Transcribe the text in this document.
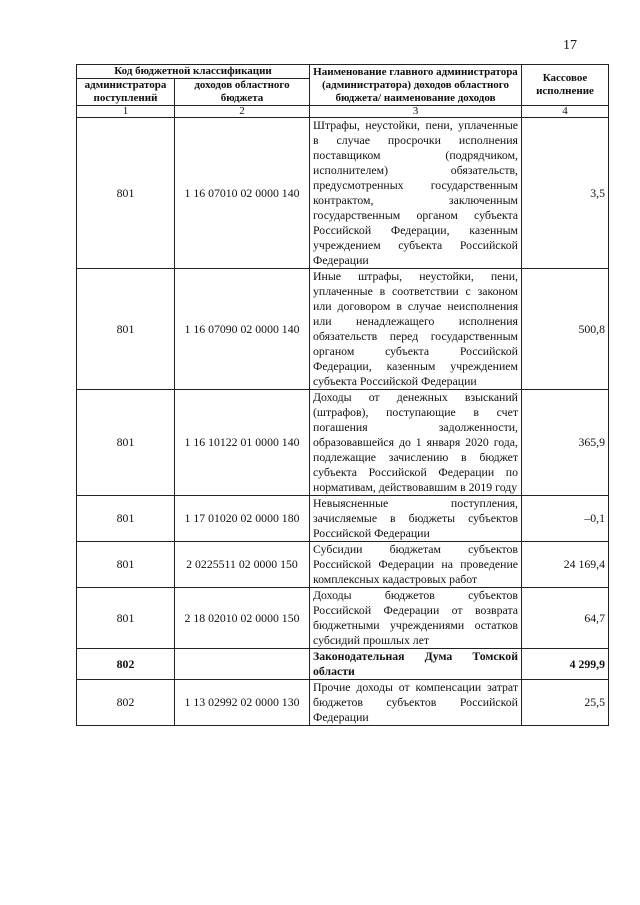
17
Код бюджетной классификации		Наименование главного администратора (администратора) доходов областного бюджета/ наименование доходов	Кассовое исполнение
администратора поступлений	доходов областного бюджета		
1	2	3	4
801	1 16 07010 02 0000 140	Штрафы, неустойки, пени, уплаченные в случае просрочки исполнения поставщиком (подрядчиком, исполнителем) обязательств, предусмотренных государственным контрактом, заключенным государственным органом субъекта Российской Федерации, казенным учреждением субъекта Российской Федерации	3,5
801	1 16 07090 02 0000 140	Иные штрафы, неустойки, пени, уплаченные в соответствии с законом или договором в случае неисполнения или ненадлежащего исполнения обязательств перед государственным органом субъекта Российской Федерации, казенным учреждением субъекта Российской Федерации	500,8
801	1 16 10122 01 0000 140	Доходы от денежных взысканий (штрафов), поступающие в счет погашения задолженности, образовавшейся до 1 января 2020 года, подлежащие зачислению в бюджет субъекта Российской Федерации по нормативам, действовавшим в 2019 году	365,9
801	1 17 01020 02 0000 180	Невыясненные поступления, зачисляемые в бюджеты субъектов Российской Федерации	–0,1
801	2 0225511 02 0000 150	Субсидии бюджетам субъектов Российской Федерации на проведение комплексных кадастровых работ	24 169,4
801	2 18 02010 02 0000 150	Доходы бюджетов субъектов Российской Федерации от возврата бюджетными учреждениями остатков субсидий прошлых лет	64,7
802		Законодательная Дума Томской области	4 299,9
802	1 13 02992 02 0000 130	Прочие доходы от компенсации затрат бюджетов субъектов Российской Федерации	25,5
